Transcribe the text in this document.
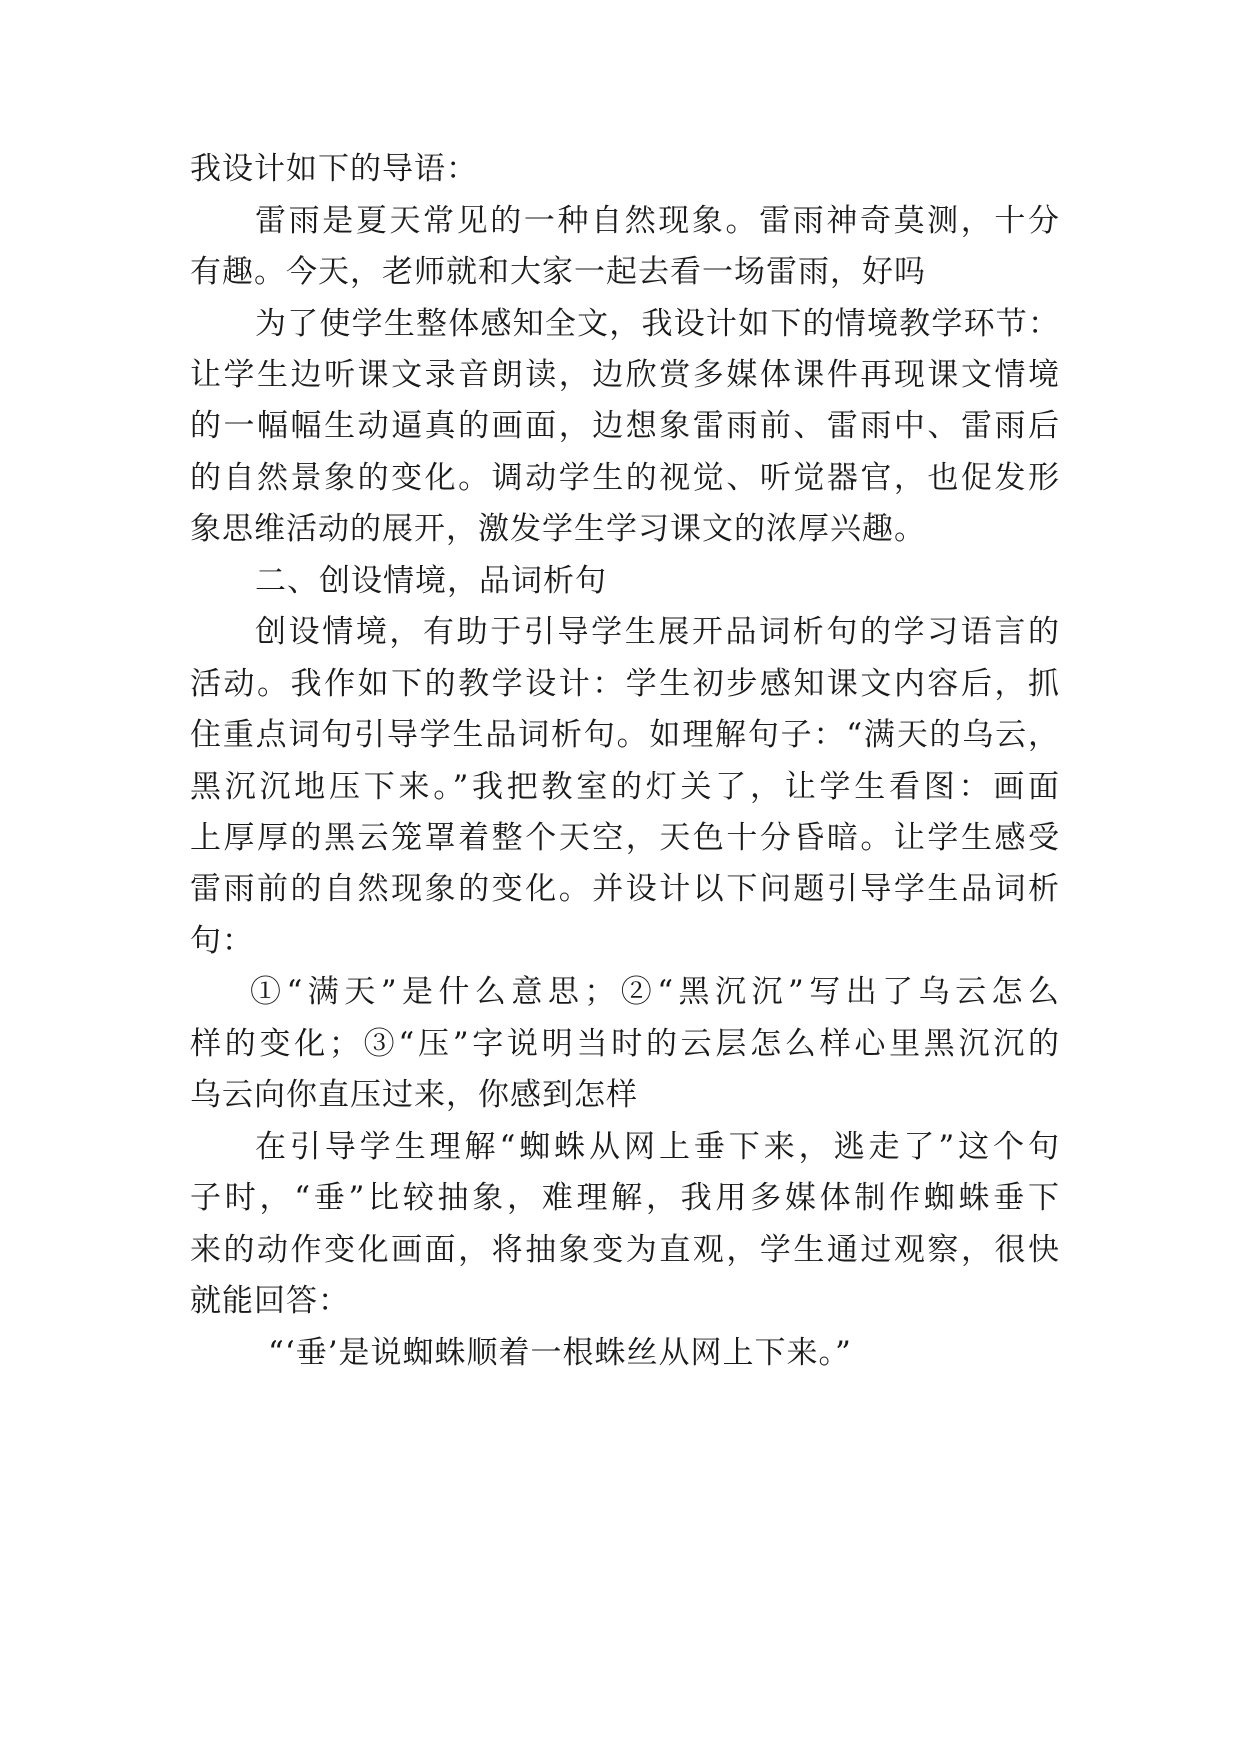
我设计如下的导语：
雷雨是夏天常见的一种自然现象。雷雨神奇莫测，十分
有趣。今天，老师就和大家一起去看一场雷雨，好吗
为了使学生整体感知全文，我设计如下的情境教学环节：
让学生边听课文录音朗读，边欣赏多媒体课件再现课文情境
的一幅幅生动逼真的画面，边想象雷雨前、雷雨中、雷雨后
的自然景象的变化。调动学生的视觉、听觉器官，也促发形
象思维活动的展开，激发学生学习课文的浓厚兴趣。
二、创设情境，品词析句
创设情境，有助于引导学生展开品词析句的学习语言的
活动。我作如下的教学设计：学生初步感知课文内容后，抓
住重点词句引导学生品词析句。如理解句子：“满天的乌云，
黑沉沉地压下来。”我把教室的灯关了，让学生看图：画面
上厚厚的黑云笼罩着整个天空，天色十分昏暗。让学生感受
雷雨前的自然现象的变化。并设计以下问题引导学生品词析
句：
①“满天”是什么意思；②“黑沉沉”写出了乌云怎么
样的变化；③“压”字说明当时的云层怎么样心里黑沉沉的
乌云向你直压过来，你感到怎样
在引导学生理解“蜘蛛从网上垂下来，逃走了”这个句
子时，“垂”比较抽象，难理解，我用多媒体制作蜘蛛垂下
来的动作变化画面，将抽象变为直观，学生通过观察，很快
就能回答：
“‘垂’是说蜘蛛顺着一根蛛丝从网上下来。”
